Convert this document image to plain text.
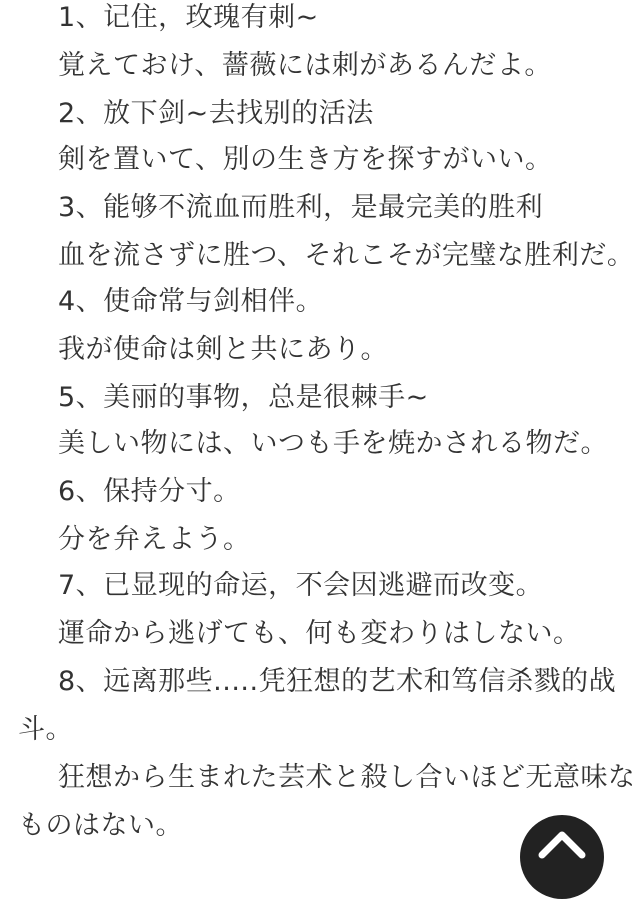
1、记住，玫瑰有刺~
覚えておけ、薔薇には刺があるんだよ。
2、放下剑~去找别的活法
剣を置いて、別の生き方を探すがいい。
3、能够不流血而胜利，是最完美的胜利
血を流さずに胜つ、それこそが完璧な胜利だ。
4、使命常与剑相伴。
我が使命は剣と共にあり。
5、美丽的事物，总是很棘手~
美しい物には、いつも手を焼かされる物だ。
6、保持分寸。
分を弁えよう。
7、已显现的命运，不会因逃避而改变。
運命から逃げても、何も変わりはしない。
8、远离那些.....凭狂想的艺术和笃信杀戮的战
斗。
狂想から生まれた芸术と殺し合いほど无意味な
ものはない。
